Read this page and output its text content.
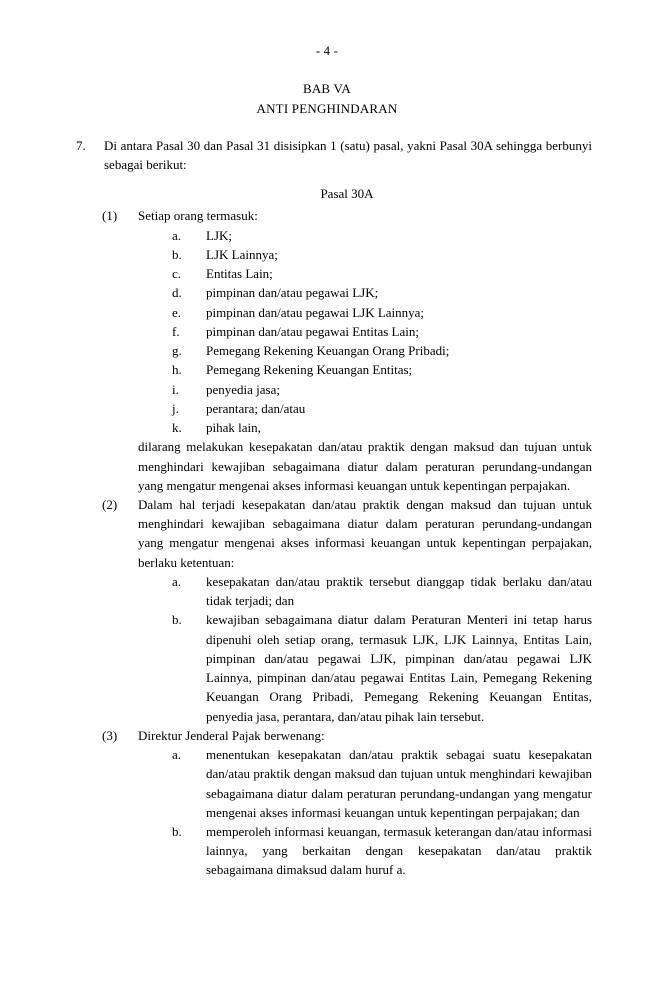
- 4 -
BAB VA
ANTI PENGHINDARAN
7.	Di antara Pasal 30 dan Pasal 31 disisipkan 1 (satu) pasal, yakni Pasal 30A sehingga berbunyi sebagai berikut:
Pasal 30A
(1)	Setiap orang termasuk:
a.	LJK;
b.	LJK Lainnya;
c.	Entitas Lain;
d.	pimpinan dan/atau pegawai LJK;
e.	pimpinan dan/atau pegawai LJK Lainnya;
f.	pimpinan dan/atau pegawai Entitas Lain;
g.	Pemegang Rekening Keuangan Orang Pribadi;
h.	Pemegang Rekening Keuangan Entitas;
i.	penyedia jasa;
j.	perantara; dan/atau
k.	pihak lain,
dilarang melakukan kesepakatan dan/atau praktik dengan maksud dan tujuan untuk menghindari kewajiban sebagaimana diatur dalam peraturan perundang-undangan yang mengatur mengenai akses informasi keuangan untuk kepentingan perpajakan.
(2)	Dalam hal terjadi kesepakatan dan/atau praktik dengan maksud dan tujuan untuk menghindari kewajiban sebagaimana diatur dalam peraturan perundang-undangan yang mengatur mengenai akses informasi keuangan untuk kepentingan perpajakan, berlaku ketentuan:
a.	kesepakatan dan/atau praktik tersebut dianggap tidak berlaku dan/atau tidak terjadi; dan
b.	kewajiban sebagaimana diatur dalam Peraturan Menteri ini tetap harus dipenuhi oleh setiap orang, termasuk LJK, LJK Lainnya, Entitas Lain, pimpinan dan/atau pegawai LJK, pimpinan dan/atau pegawai LJK Lainnya, pimpinan dan/atau pegawai Entitas Lain, Pemegang Rekening Keuangan Orang Pribadi, Pemegang Rekening Keuangan Entitas, penyedia jasa, perantara, dan/atau pihak lain tersebut.
(3)	Direktur Jenderal Pajak berwenang:
a.	menentukan kesepakatan dan/atau praktik sebagai suatu kesepakatan dan/atau praktik dengan maksud dan tujuan untuk menghindari kewajiban sebagaimana diatur dalam peraturan perundang-undangan yang mengatur mengenai akses informasi keuangan untuk kepentingan perpajakan; dan
b.	memperoleh informasi keuangan, termasuk keterangan dan/atau informasi lainnya, yang berkaitan dengan kesepakatan dan/atau praktik sebagaimana dimaksud dalam huruf a.
